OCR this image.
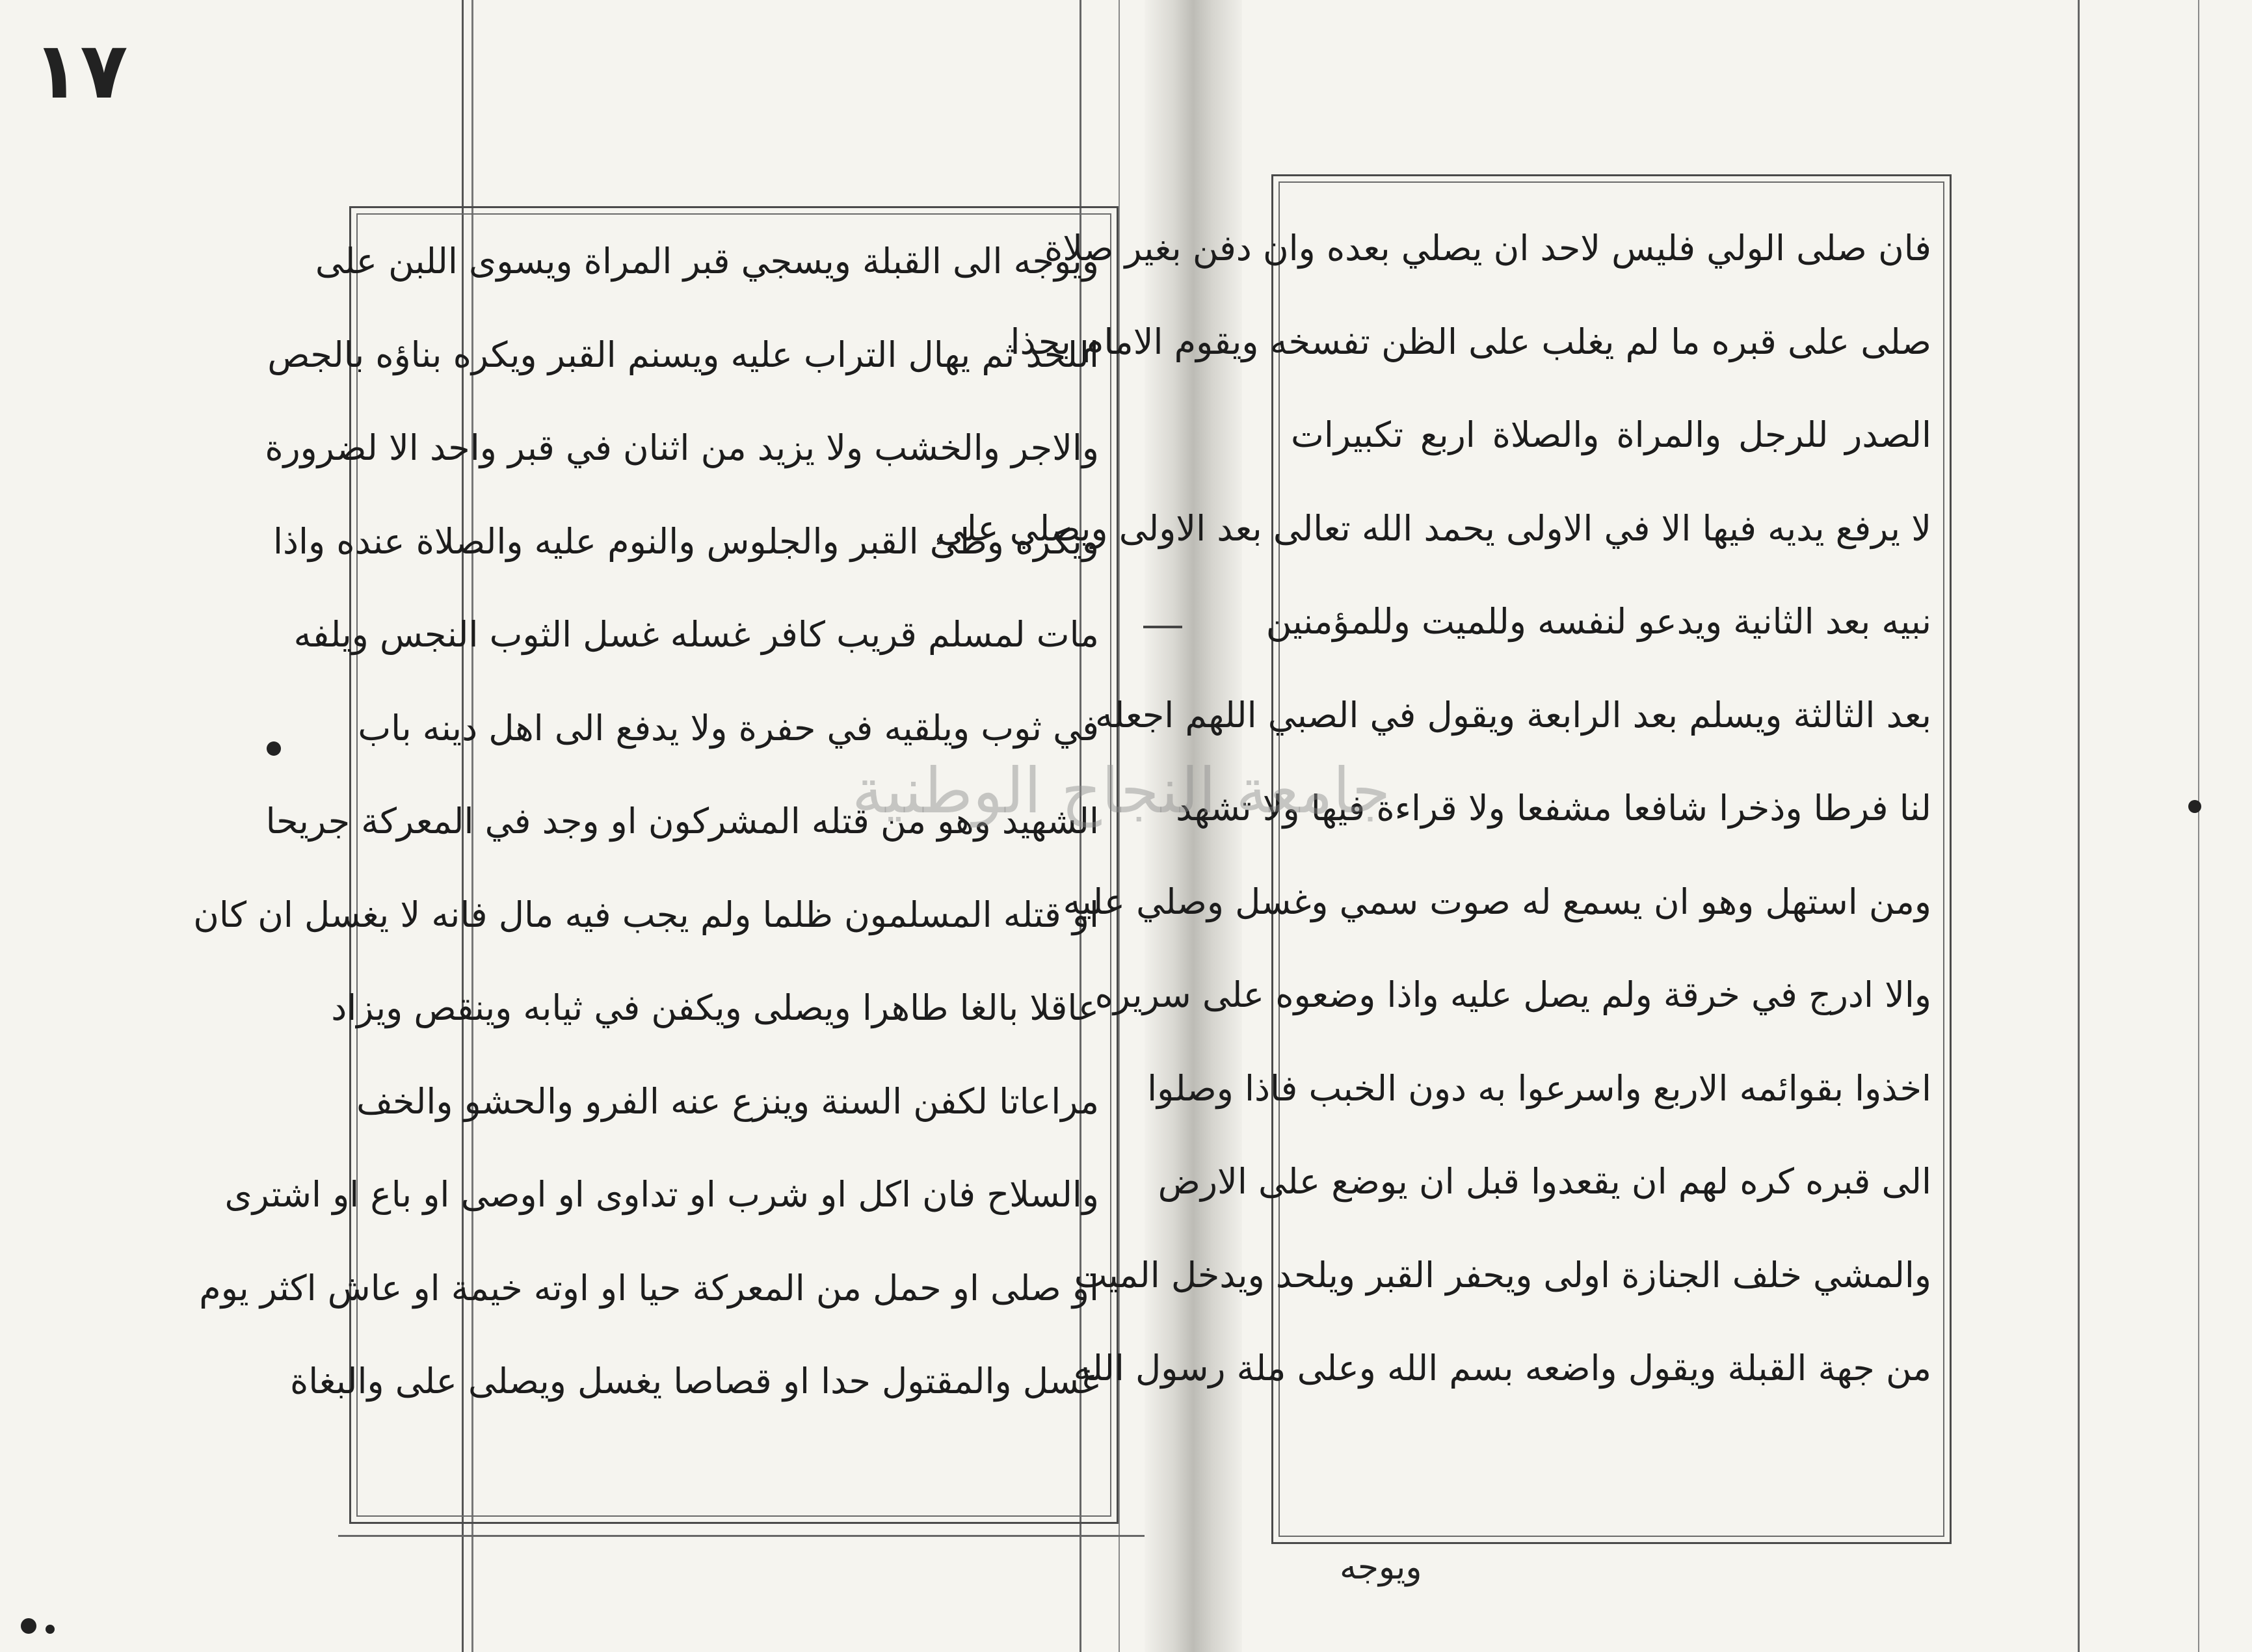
١٧
ويوجه الى القبلة ويسجي قبر المراة ويسوى اللبن على
اللحد ثم يهال التراب عليه ويسنم القبر ويكره بناؤه بالجص
والاجر والخشب ولا يزيد من اثنان في قبر واحد الا لضرورة
ويكره وطئ القبر والجلوس والنوم عليه والصلاة عنده واذا
مات لمسلم قريب كافر غسله غسل الثوب النجس ويلفه
في ثوب ويلقيه في حفرة ولا يدفع الى اهل دينه باب
الشهيد وهو من قتله المشركون او وجد في المعركة جريحا
او قتله المسلمون ظلما ولم يجب فيه مال فانه لا يغسل ان كان
عاقلا بالغا طاهرا ويصلى ويكفن في ثيابه وينقص ويزاد
مراعاتا لكفن السنة وينزع عنه الفرو والحشو والخف
والسلاح فان اكل او شرب او تداوى او اوصى او باع او اشترى
او صلى او حمل من المعركة حيا او اوته خيمة او عاش اكثر يوم
غسل والمقتول حدا او قصاصا يغسل ويصلى على والبغاة
فان صلى الولي فليس لاحد ان يصلي بعده وان دفن بغير صلاة
صلى على قبره ما لم يغلب على الظن تفسخه ويقوم الامام بحذا
الصدر للرجل والمراة والصلاة اربع تكبيرات
لا يرفع يديه فيها الا في الاولى يحمد الله تعالى بعد الاولى ويصلي على
نبيه بعد الثانية ويدعو لنفسه وللميت وللمؤمنين
بعد الثالثة ويسلم بعد الرابعة ويقول في الصبي اللهم اجعله
لنا فرطا وذخرا شافعا مشفعا ولا قراءة فيها ولا تشهد
ومن استهل وهو ان يسمع له صوت سمي وغسل وصلي عليه
والا ادرج في خرقة ولم يصل عليه واذا وضعوه على سريره
اخذوا بقوائمه الاربع واسرعوا به دون الخبب فاذا وصلوا
الى قبره كره لهم ان يقعدوا قبل ان يوضع على الارض
والمشي خلف الجنازة اولى ويحفر القبر ويلحد ويدخل الميت
من جهة القبلة ويقول واضعه بسم الله وعلى ملة رسول الله
جامعة النجاح الوطنية
ويوجه
